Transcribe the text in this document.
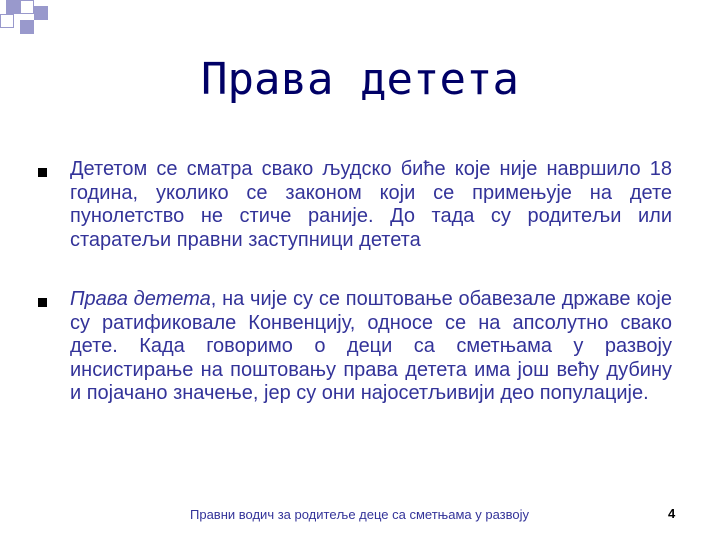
Права детета
Дететом се сматра свако људско биће које није навршило 18 година, уколико се законом који се примењује на дете пунолетство не стиче раније. До тада су родитељи или старатељи правни заступници детета
Права детета, на чије су се поштовање обавезале државе које су ратификовале Конвенцију, односе се на апсолутно свако дете. Када говоримо о деци са сметњама у развоју инсистирање на поштовању права детета има још већу дубину и појачано значење, јер су они најосетљивији део популације.
Правни водич за родитеље деце са сметњама у развоју	4
